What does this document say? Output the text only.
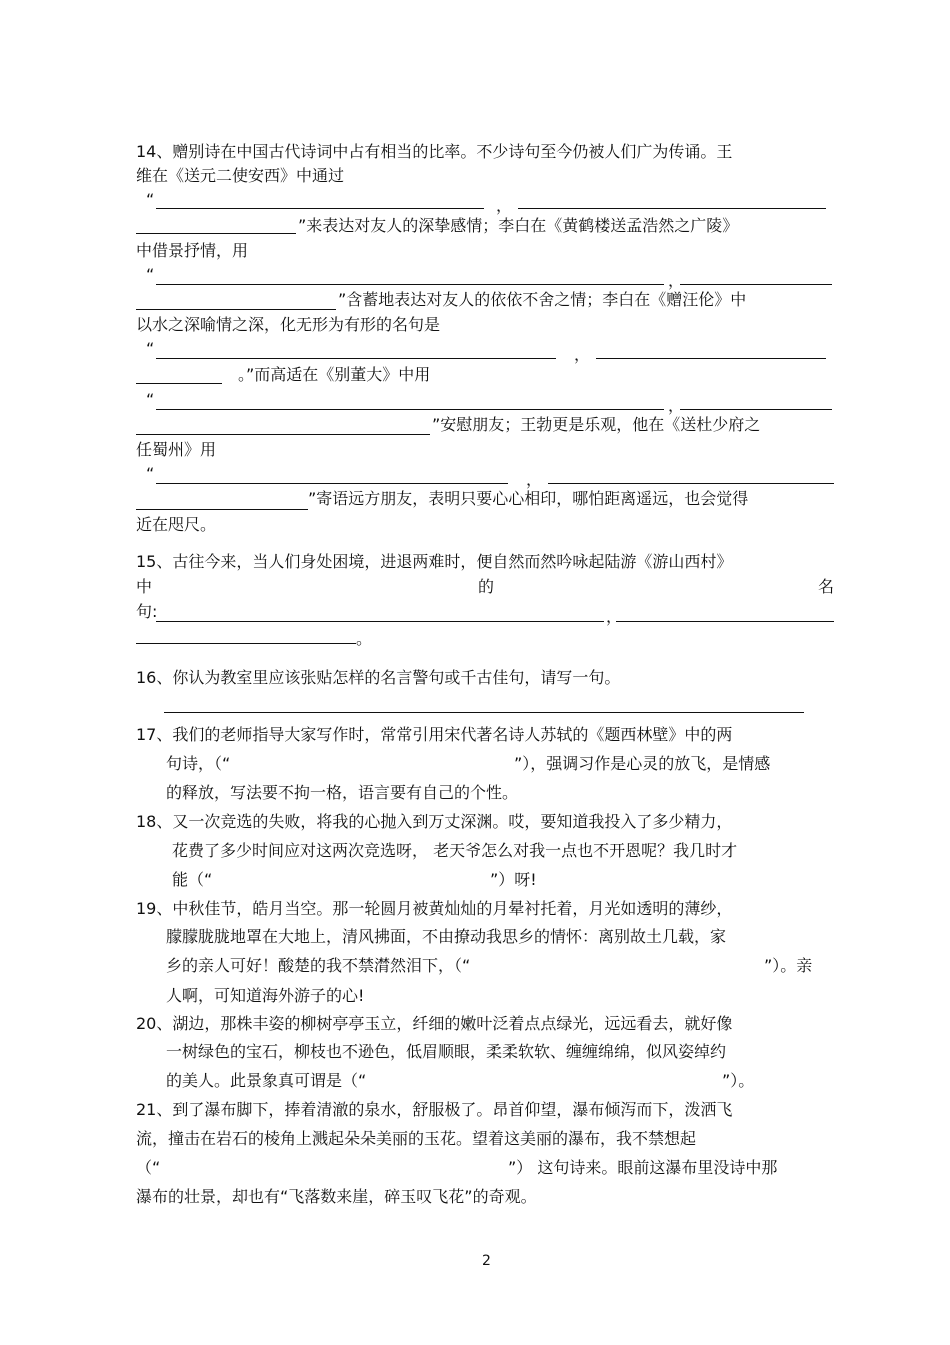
14、赠别诗在中国古代诗词中占有相当的比率。不少诗句至今仍被人们广为传诵。王
维在《送元二使安西》中通过
“	，
”来表达对友人的深挚感情；李白在《黄鹤楼送孟浩然之广陵》
中借景抒情，用
“	，
”含蓄地表达对友人的依依不舍之情；李白在《赠汪伦》中
以水之深喻情之深，化无形为有形的名句是
“	，
。”而高适在《别董大》中用
“	，
”安慰朋友；王勃更是乐观，他在《送杜少府之
任蜀州》用
“	，
”寄语远方朋友，表明只要心心相印，哪怕距离遥远，也会觉得
近在咫尺。
15、古往今来，当人们身处困境，进退两难时，便自然而然吟咏起陆游《游山西村》
中	的	名
句:	，
。
16、你认为教室里应该张贴怎样的名言警句或千古佳句，请写一句。
17、我们的老师指导大家写作时，常常引用宋代著名诗人苏轼的《题西林壁》中的两
句诗，（“	”），强调习作是心灵的放飞，是情感
的释放，写法要不拘一格，语言要有自己的个性。
18、又一次竞选的失败，将我的心抛入到万丈深渊。哎，要知道我投入了多少精力，
花费了多少时间应对这两次竞选呀， 老天爷怎么对我一点也不开恩呢？我几时才
能（“	”）呀!
19、中秋佳节，皓月当空。那一轮圆月被黄灿灿的月晕衬托着，月光如透明的薄纱，
朦朦胧胧地罩在大地上，清风拂面，不由撩动我思乡的情怀：离别故土几载，家
乡的亲人可好！酸楚的我不禁潸然泪下，（“	”）。亲
人啊，可知道海外游子的心!
20、湖边，那株丰姿的柳树亭亭玉立，纤细的嫩叶泛着点点绿光，远远看去，就好像
一树绿色的宝石，柳枝也不逊色，低眉顺眼，柔柔软软、缠缠绵绵，似风姿绰约
的美人。此景象真可谓是（“	”）。
21、到了瀑布脚下，捧着清澈的泉水，舒服极了。昂首仰望，瀑布倾泻而下，泼洒飞
流，撞击在岩石的棱角上溅起朵朵美丽的玉花。望着这美丽的瀑布，我不禁想起
（“	”） 这句诗来。眼前这瀑布里没诗中那
瀑布的壮景，却也有“飞落数来崖，碎玉叹飞花”的奇观。
2
